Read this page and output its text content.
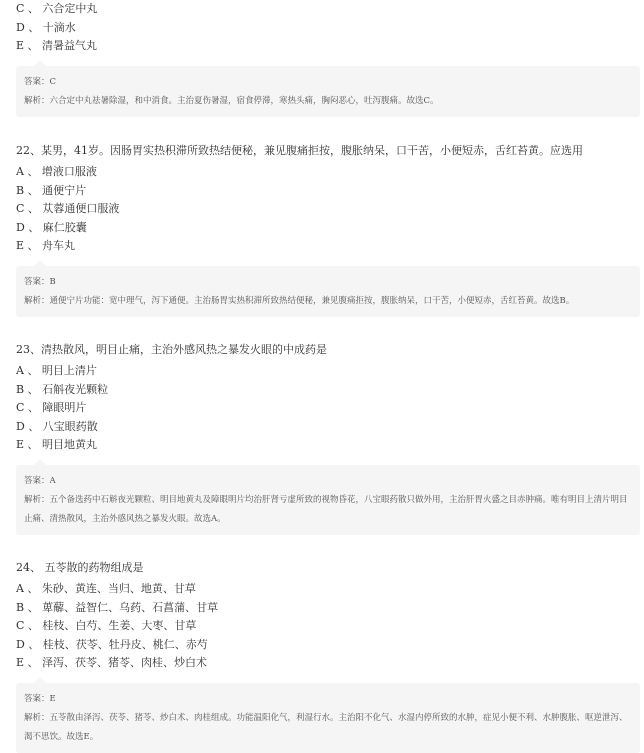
C 、 六合定中丸
D 、 十滴水
E 、 清暑益气丸
答案：C
解析：六合定中丸祛暑除湿，和中消食。主治夏伤暑湿，宿食停滞，寒热头痛，胸闷恶心，吐泻腹痛。故选C。
22、某男，41岁。因肠胃实热积滞所致热结便秘，兼见腹痛拒按，腹胀纳呆，口干苦，小便短赤，舌红苔黄。应选用
A 、 增液口服液
B 、 通便宁片
C 、 苁蓉通便口服液
D 、 麻仁胶囊
E 、 舟车丸
答案：B
解析：通便宁片功能：宽中理气，泻下通便。主治肠胃实热积滞所致热结便秘，兼见腹痛拒按，腹胀纳呆，口干苦，小便短赤，舌红苔黄。故选B。
23、清热散风，明目止痛，主治外感风热之暴发火眼的中成药是
A 、 明目上清片
B 、 石斛夜光颗粒
C 、 障眼明片
D 、 八宝眼药散
E 、 明目地黄丸
答案：A
解析：五个备选药中石斛夜光颗粒、明目地黄丸及障眼明片均治肝肾亏虚所致的视物昏花，八宝眼药散只做外用，主治肝胃火盛之目赤肿痛。唯有明目上清片明目止痛、清热散风，主治外感风热之暴发火眼。故选A。
24、 五苓散的药物组成是
A 、 朱砂、黄连、当归、地黄、甘草
B 、 萆薢、益智仁、乌药、石菖蒲、甘草
C 、 桂枝、白芍、生姜、大枣、甘草
D 、 桂枝、茯苓、牡丹皮、桃仁、赤芍
E 、 泽泻、茯苓、猪苓、肉桂、炒白术
答案：E
解析：五苓散由泽泻、茯苓、猪苓、炒白术、肉桂组成。功能温阳化气，利湿行水。主治阳不化气、水湿内停所致的水肿，症见小便不利、水肿腹胀、呕逆泄泻、渴不思饮。故选E。
